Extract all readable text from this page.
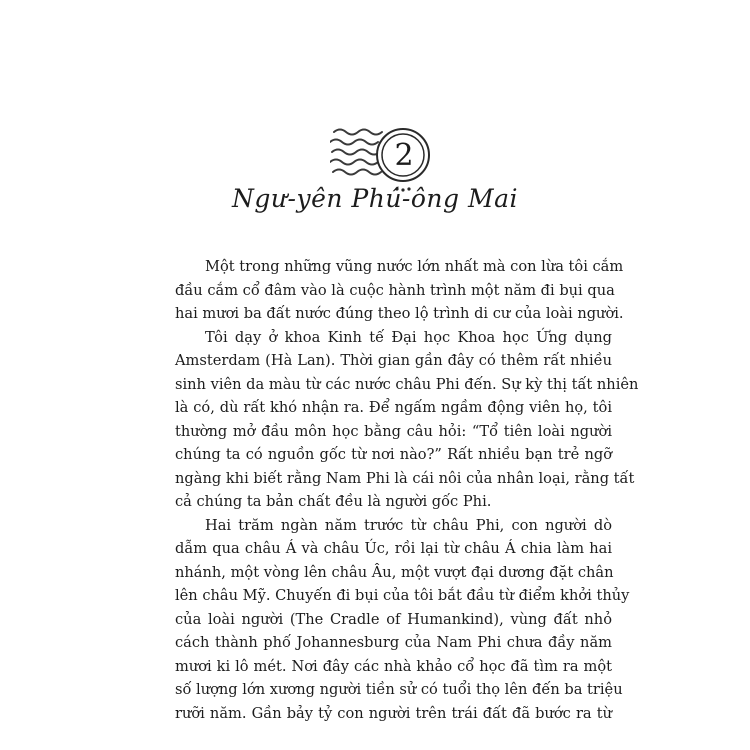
2
Ngư-yên Phú-ông Mai
Một trong những vũng nước lớn nhất mà con lừa tôi cắm
đầu cắm cổ đâm vào là cuộc hành trình một năm đi bụi qua
hai mươi ba đất nước đúng theo lộ trình di cư của loài người.
Tôi dạy ở khoa Kinh tế Đại học Khoa học Ứng dụng
Amsterdam (Hà Lan). Thời gian gần đây có thêm rất nhiều
sinh viên da màu từ các nước châu Phi đến. Sự kỳ thị tất nhiên
là có, dù rất khó nhận ra. Để ngấm ngầm động viên họ, tôi
thường mở đầu môn học bằng câu hỏi: “Tổ tiên loài người
chúng ta có nguồn gốc từ nơi nào?” Rất nhiều bạn trẻ ngỡ
ngàng khi biết rằng Nam Phi là cái nôi của nhân loại, rằng tất
cả chúng ta bản chất đều là người gốc Phi.
Hai trăm ngàn năm trước từ châu Phi, con người dò
dẫm qua châu Á và châu Úc, rồi lại từ châu Á chia làm hai
nhánh, một vòng lên châu Âu, một vượt đại dương đặt chân
lên châu Mỹ. Chuyến đi bụi của tôi bắt đầu từ điểm khởi thủy
của loài người (The Cradle of Humankind), vùng đất nhỏ
cách thành phố Johannesburg của Nam Phi chưa đầy năm
mươi ki lô mét. Nơi đây các nhà khảo cổ học đã tìm ra một
số lượng lớn xương người tiền sử có tuổi thọ lên đến ba triệu
rưỡi năm. Gần bảy tỷ con người trên trái đất đã bước ra từ
